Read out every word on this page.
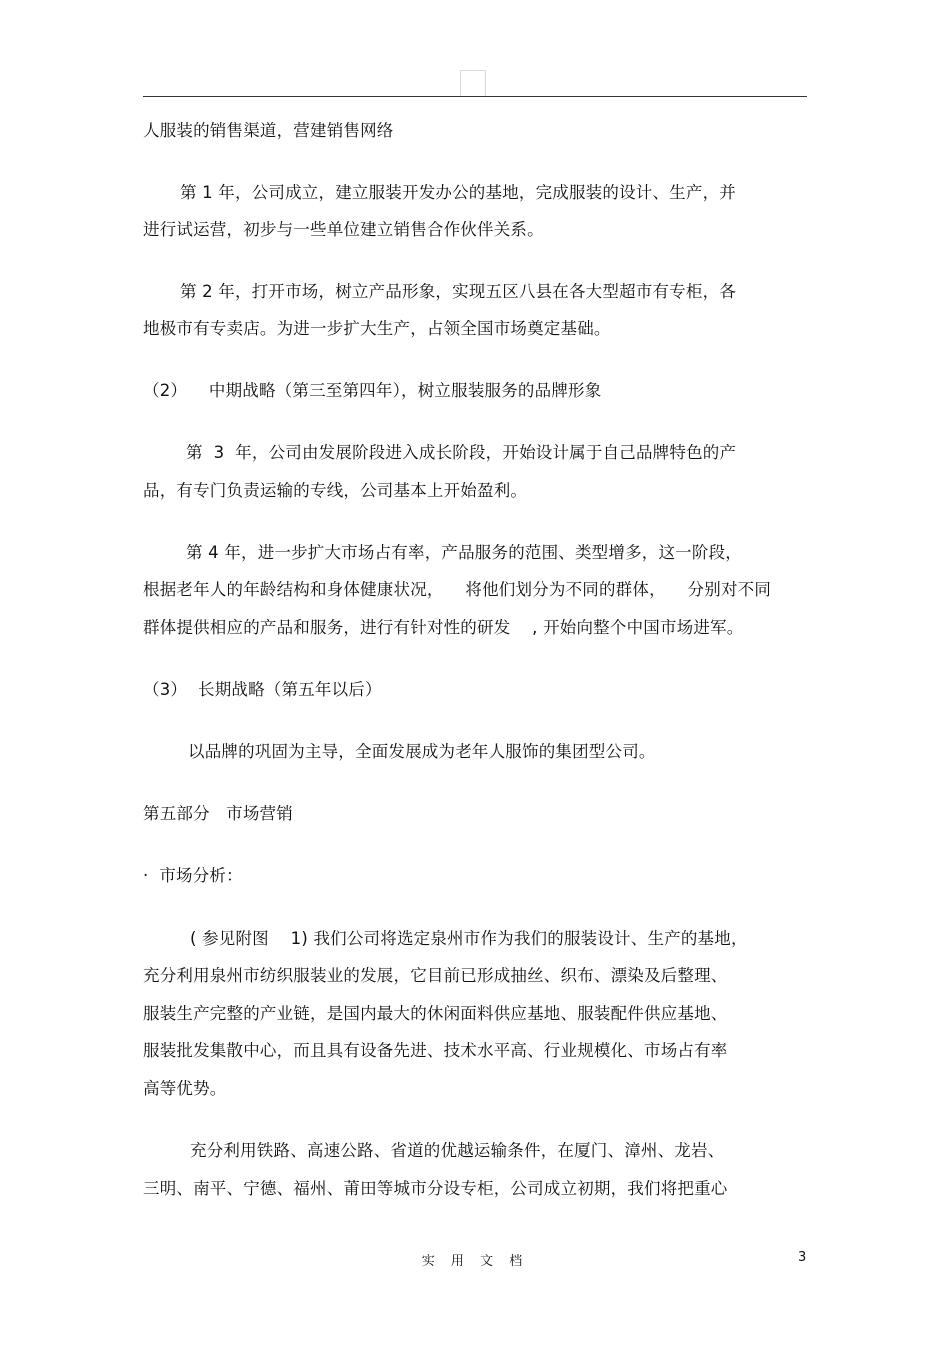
人服装的销售渠道，营建销售网络
第 1 年，公司成立，建立服装开发办公的基地，完成服装的设计、生产，并
进行试运营，初步与一些单位建立销售合作伙伴关系。
第 2 年，打开市场，树立产品形象，实现五区八县在各大型超市有专柜，各
地极市有专卖店。为进一步扩大生产，占领全国市场奠定基础。
（2）    中期战略（第三至第四年），树立服装服务的品牌形象
第  3  年，公司由发展阶段进入成长阶段，开始设计属于自己品牌特色的产
品，有专门负责运输的专线，公司基本上开始盈利。
第 4 年，进一步扩大市场占有率，产品服务的范围、类型增多，这一阶段，
根据老年人的年龄结构和身体健康状况，    将他们划分为不同的群体，    分别对不同
群体提供相应的产品和服务，进行有针对性的研发    , 开始向整个中国市场进军。
（3）  长期战略（第五年以后）
以品牌的巩固为主导，全面发展成为老年人服饰的集团型公司。
第五部分   市场营销
·  市场分析：
( 参见附图    1) 我们公司将选定泉州市作为我们的服装设计、生产的基地，
充分利用泉州市纺织服装业的发展，它目前已形成抽丝、织布、漂染及后整理、
服装生产完整的产业链，是国内最大的休闲面料供应基地、服装配件供应基地、
服装批发集散中心，而且具有设备先进、技术水平高、行业规模化、市场占有率
高等优势。
充分利用铁路、高速公路、省道的优越运输条件，在厦门、漳州、龙岩、
三明、南平、宁德、福州、莆田等城市分设专柜，公司成立初期，我们将把重心
实 用 文 档	3
